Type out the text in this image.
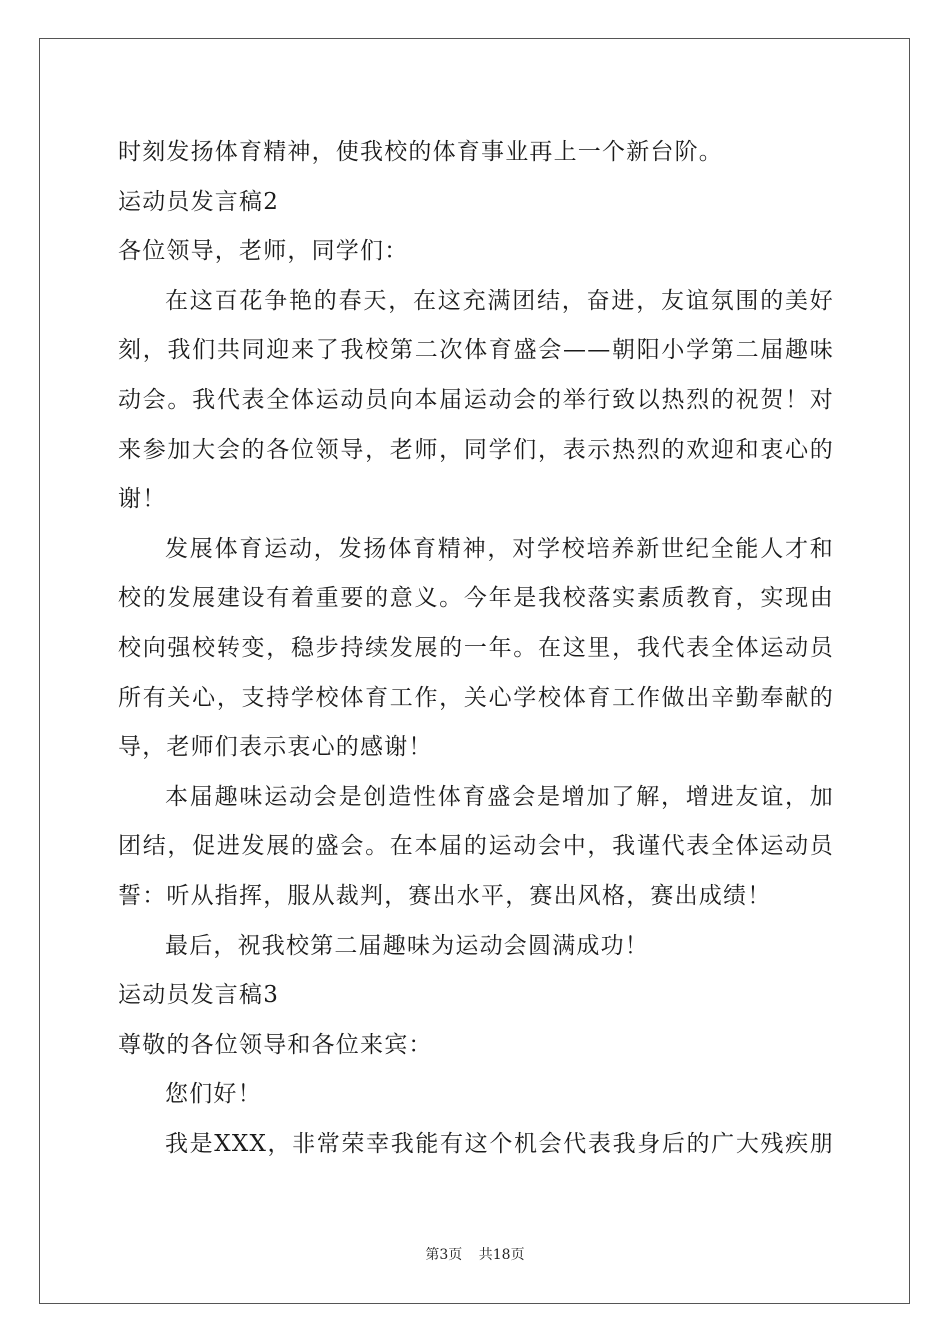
时刻发扬体育精神，使我校的体育事业再上一个新台阶。
运动员发言稿2
各位领导，老师，同学们：
在这百花争艳的春天，在这充满团结，奋进，友谊氛围的美好
刻，我们共同迎来了我校第二次体育盛会——朝阳小学第二届趣味
动会。我代表全体运动员向本届运动会的举行致以热烈的祝贺！对
来参加大会的各位领导，老师，同学们，表示热烈的欢迎和衷心的
谢！
发展体育运动，发扬体育精神，对学校培养新世纪全能人才和
校的发展建设有着重要的意义。今年是我校落实素质教育，实现由
校向强校转变，稳步持续发展的一年。在这里，我代表全体运动员
所有关心，支持学校体育工作，关心学校体育工作做出辛勤奉献的
导，老师们表示衷心的感谢！
本届趣味运动会是创造性体育盛会是增加了解，增进友谊，加
团结，促进发展的盛会。在本届的运动会中，我谨代表全体运动员
誓：听从指挥，服从裁判，赛出水平，赛出风格，赛出成绩！
最后，祝我校第二届趣味为运动会圆满成功！
运动员发言稿3
尊敬的各位领导和各位来宾：
您们好！
我是XXX，非常荣幸我能有这个机会代表我身后的广大残疾朋
第3页 共18页
